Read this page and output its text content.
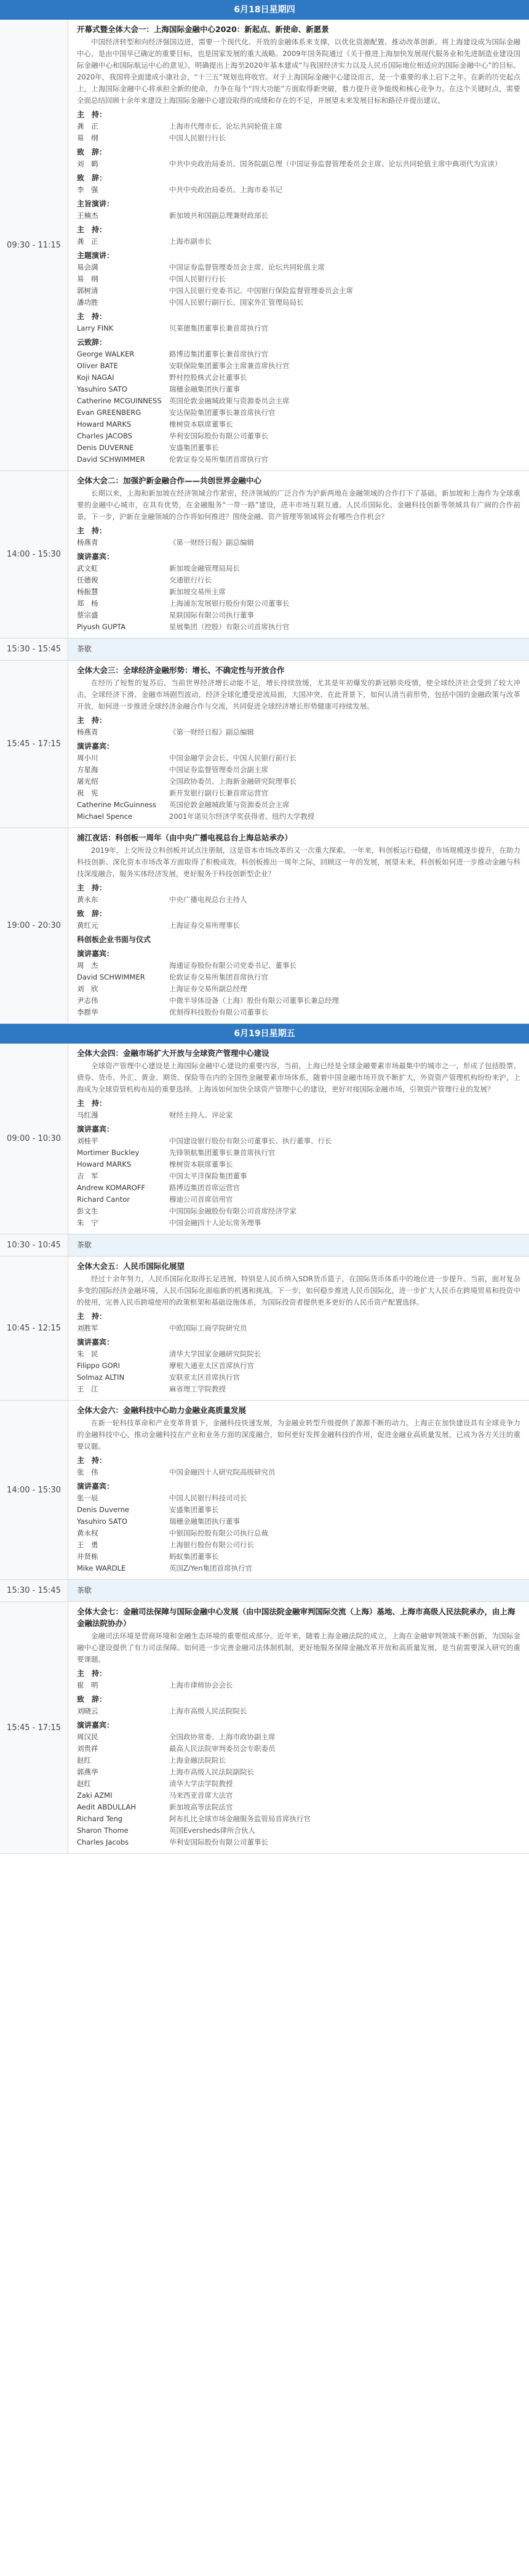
6月18日星期四
09:30 - 11:15
开幕式暨全体大会一：上海国际金融中心2020：新起点、新使命、新愿景
中国经济转型和向经济强国迈进，需要一个现代化、开放的金融体系来支撑，以优化资源配置、推动改革创新。将上海建设成为国际金融中心，是由中国早已确定的重要目标，也是国家发展的重大战略。2009年国务院通过《关于推进上海加快发展现代服务业和先进制造业建设国际金融中心和国际航运中心的意见》，明确提出上海至2020年基本建成“与我国经济实力以及人民币国际地位相适应的国际金融中心”的目标。2020年，我国将全面建成小康社会，“十三五”规划也将收官。对于上海国际金融中心建设而言，是一个重要的承上启下之年。在新的历史起点上，上海国际金融中心将承担全新的使命，力争在每个“四大功能”方面取得新突破，着力提升竞争能级和核心竞争力。在这个关键时点，需要全面总结回顾十余年来建设上海国际金融中心建设取得的成绩和存在的不足，并展望未来发展目标和路径并提出建议。
主　持：
龚　正	上海市代理市长、论坛共同轮值主席
易　纲	中国人民银行行长
致　辞：
刘　鹤	中共中央政治局委员、国务院副总理（中国证券监督管理委员会主席、论坛共同轮值主席中典项代为宣读）
致　辞：
李　强	中共中央政治局委员、上海市委书记
主旨演讲：
王楠杰	新加坡共和国副总理兼财政部长
主　持：
龚　正	上海市副市长
主题演讲：
易会满	中国证券监督管理委员会主席、论坛共同轮值主席
易　纲	中国人民银行行长
郭树清	中国人民银行党委书记、中国银行保险监督管理委员会主席
潘功胜	中国人民银行副行长、国家外汇管理局局长
主　持：
Larry FINK	贝莱德集团董事长兼首席执行官
云致辞：
George WALKER	路博迈集团董事长兼首席执行官
Oliver BATE	安联保险集团董事会主席兼首席执行官
Koji NAGAI	野村控股株式会社董事长
Yasuhiro SATO	瑞穗金融集团执行董事
Catherine MCGUINNESS	英国伦敦金融城政策与资源委员会主席
Evan GREENBERG	安达保险集团董事长兼首席执行官
Howard MARKS	橡树资本联席董事长
Charles JACOBS	华利安国际股份有限公司董事长
Denis DUVERNE	安盛集团董事长
David SCHWIMMER	伦敦证券交易所集团首席执行官
14:00 - 15:30
全体大会二：加强沪新金融合作——共创世界金融中心
长期以来，上海和新加坡在经济领域合作紧密，经济领域的广泛合作为沪新两地在金融领域的合作打下了基础。新加坡和上海作为全球重要的金融中心城市，在具有优势，在金融服务“一带一路”建设，进丰市场互联互通、人民币国际化、金融科技创新等领域具有广阔的合作前景。下一步，沪新在金融领域的合作将如何推进？围绕金融、资产管理等领域将会有哪些合作机会？
主　持：
杨燕青	《第一财经日报》副总编辑
演讲嘉宾：
武文虹	新加坡金融管理局局长
任德俊	交通银行行长
杨振慧	新加坡交易所主席
郑　杨	上海浦东发展银行股份有限公司董事长
蔡宗盛	星联国际有限公司执行董事
Piyush GUPTA	星展集团（控股）有限公司首席执行官
15:30 - 15:45	茶歇
15:45 - 17:15
全体大会三：全球经济金融形势：增长、不确定性与开放合作
在经历了短暂的复苏后，当前世界经济增长动能不足，增长持续放缓，尤其是年初爆发的新冠肺炎疫情，使全球经济社会受到了较大冲击，全球经济下滑、金融市场剧烈波动，经济全球化遭受逆流局面，大国冲突、在此背景下，如何认清当前形势，包括中国的金融政策与改革开放，如何进一步推进全球经济金融合作与交流，共同促进全球经济增长形势健康可持续发展。
主　持：
杨燕青	《第一财经日报》副总编辑
演讲嘉宾：
周小川	中国金融学会会长、中国人民银行前行长
方星海	中国证券监督管理委员会副主席
屠光绍	全国政协委员、上海新金融研究院理事长
祝　宪	新开发银行副行长兼首席运营官
Catherine McGuinness	英国伦敦金融城政策与资源委员会主席
Michael Spence	2001年诺贝尔经济学奖获得者、纽约大学教授
19:00 - 20:30
浦江夜话：科创板一周年（由中央广播电视总台上海总站承办）
2019年，上交所设立科创板并试点注册制，这是资本市场改革的又一次重大探索。一年来，科创板运行稳健，市场规模逐步提升，在助力科技创新、深化资本市场改革方面取得了积极成效。科创板推出一周年之际，回顾这一年的发展，展望未来，科创板如何进一步推动金融与科技深度融合，服务实体经济发展，更好服务于科技创新型企业？
主　持：
黄永东	中央广播电视总台主持人
致　辞：
黄红元	上海证券交易所理事长
科创板企业书面与仪式
演讲嘉宾：
周　杰	海通证券股份有限公司党委书记、董事长
David SCHWIMMER	伦敦证券交易所集团首席执行官
刘　欣	上海证券交易所副总经理
尹志伟	中微半导体设备（上海）股份有限公司董事长兼总经理
李群华	优刻得科技股份有限公司董事长
6月19日星期五
09:00 - 10:30
全体大会四：金融市场扩大开放与全球资产管理中心建设
全球资产管理中心建设是上海国际金融中心建设的重要内容，当前，上海已经是全球金融要素市场最集中的城市之一，形成了包括股票、债券、货币、外汇、黄金、期货、保险等在内的全国性金融要素市场体系，随着中国金融市场开放不断扩大，外资资产管理机构纷纷来沪，上海成为全球资管机构布局的重要选择。上海该如何加快全球资产管理中心的建设，更好对接国际金融市场，引领资产管理行业的发展？
主　持：
马红漫	财经主持人、评论家
演讲嘉宾：
刘桂平	中国建设银行股份有限公司董事长、执行董事、行长
Mortimer Buckley	先锋领航集团董事长兼首席执行官
Howard MARKS	橡树资本联席董事长
吉　军	中国太平洋保险集团董事
Andrew KOMAROFF	路博迈集团首席运营官
Richard Cantor	穆迪公司首席信用官
彭文生	中国国际金融股份有限公司首席经济学家
朱　宁	中国金融四十人论坛常务理事
10:30 - 10:45	茶歇
10:45 - 12:15
全体大会五：人民币国际化展望
经过十余年努力，人民币国际化取得长足进展，特别是人民币纳入SDR货币篮子，在国际货币体系中的地位进一步提升。当前，面对复杂多变的国际经济金融环境，人民币国际化面临新的机遇和挑战。下一步，如何稳步推进人民币国际化，进一步扩大人民币在跨境贸易和投资中的使用，完善人民币跨境使用的政策框架和基础设施体系，为国际投资者提供更多更好的人民币资产配置选择。
主　持：
刘胜军	中欧国际工商学院研究员
演讲嘉宾：
朱　民	清华大学国家金融研究院院长
Filippo GORI	摩根大通亚太区首席执行官
Solmaz ALTIN	安联亚太区首席执行官
王　江	麻省理工学院教授
14:00 - 15:30
全体大会六：金融科技中心助力金融业高质量发展
在新一轮科技革命和产业变革背景下，金融科技快速发展，为金融业转型升级提供了源源不断的动力。上海正在加快建设具有全球竞争力的金融科技中心，推动金融科技在产业和业务方面的深度融合，如何更好发挥金融科技的作用，促进金融业高质量发展，已成为各方关注的重要议题。
主　持：
张　伟	中国金融四十人研究院高级研究员
演讲嘉宾：
张一辰	中国人民银行科技司司长
Denis Duverne	安盛集团董事长
Yasuhiro SATO	瑞穗金融集团执行董事
黄永权	中银国际控股有限公司执行总裁
王　勇	上海银行股份有限公司行长
井贤栋	蚂蚁集团董事长
Mike WARDLE	英国Z/Yen集团首席执行官
15:30 - 15:45	茶歇
15:45 - 17:15
全体大会七：金融司法保障与国际金融中心发展（由中国法院金融审判国际交流（上海）基地、上海市高级人民法院承办，由上海金融法院协办）
金融司法环境是营商环境和金融生态环境的重要组成部分。近年来，随着上海金融法院的成立，上海在金融审判领域不断创新，为国际金融中心建设提供了有力司法保障。如何进一步完善金融司法体制机制，更好地服务保障金融改革开放和高质量发展，是当前需要深入研究的重要课题。
主　持：
崔　明	上海市律师协会会长
致　辞：
刘晓云	上海市高级人民法院院长
演讲嘉宾：
周汉民	全国政协常委、上海市政协副主席
刘贵祥	最高人民法院审判委员会专职委员
赵红	上海金融法院院长
郭燕华	上海市高级人民法院副院长
赵红	清华大学法学院教授
Zaki AZMI	马来西亚首席大法官
Aedit ABDULLAH	新加坡高等法院法官
Richard Teng	阿布扎比全球市场金融服务监管局首席执行官
Sharon Thome	英国Eversheds律所合伙人
Charles Jacobs	华利安国际股份有限公司董事长
